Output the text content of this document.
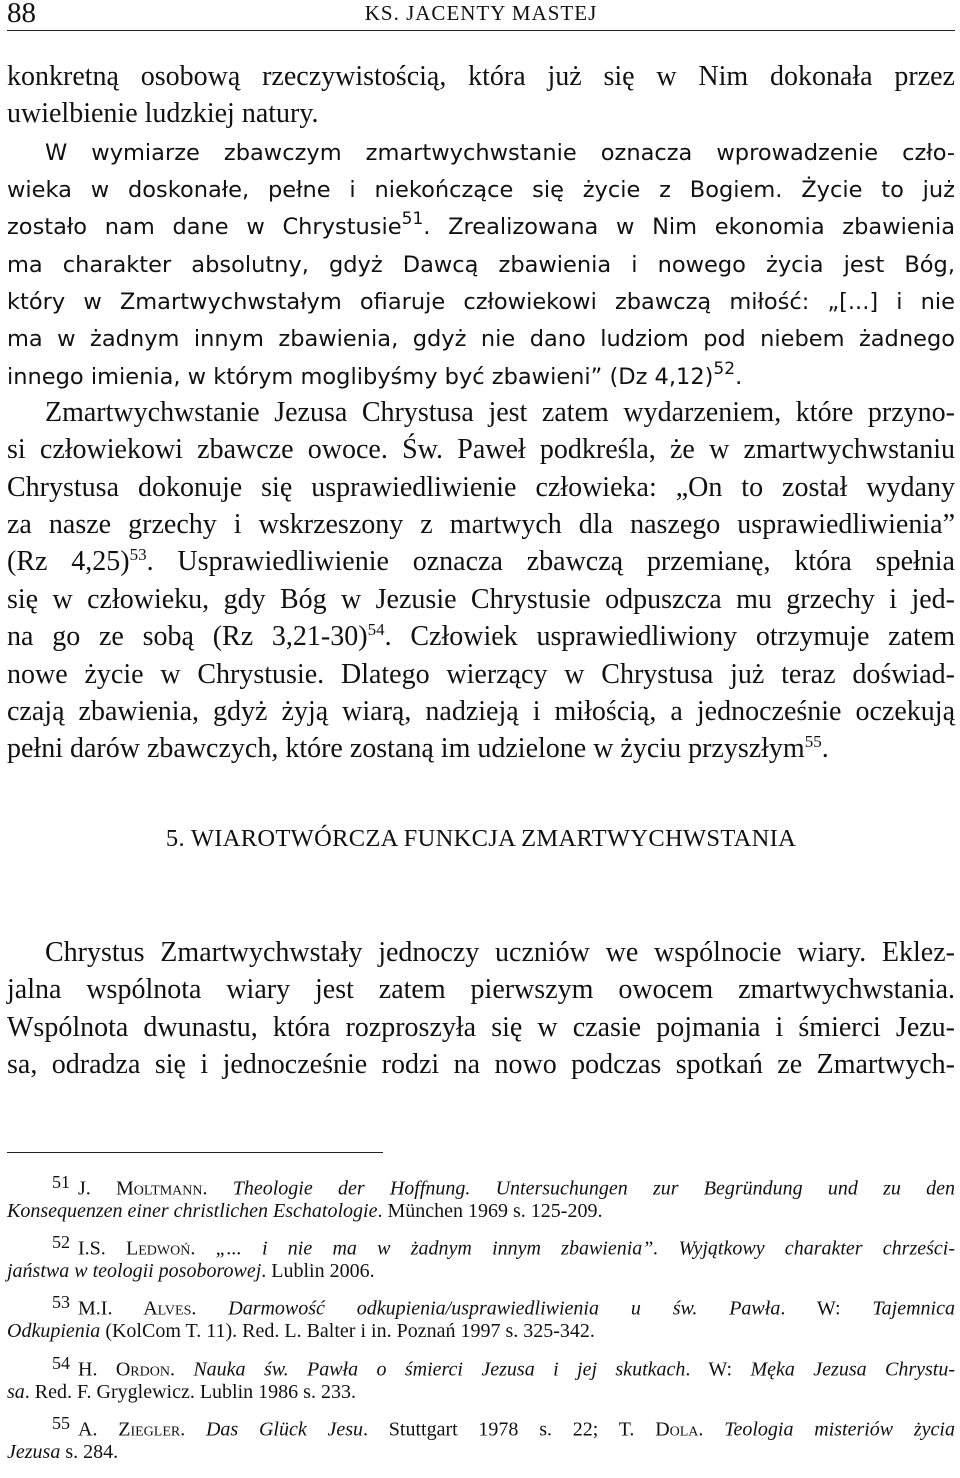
88	KS. JACENTY MASTEJ
konkretną osobową rzeczywistością, która już się w Nim dokonała przez
uwielbienie ludzkiej natury.
W wymiarze zbawczym zmartwychwstanie oznacza wprowadzenie czło-
wieka w doskonałe, pełne i niekończące się życie z Bogiem. Życie to już
zostało nam dane w Chrystusie$^{51}$. Zrealizowana w Nim ekonomia zbawienia
ma charakter absolutny, gdyż Dawcą zbawienia i nowego życia jest Bóg,
który w Zmartwychwstałym ofiaruje człowiekowi zbawczą miłość: „[...] i nie
ma w żadnym innym zbawienia, gdyż nie dano ludziom pod niebem żadnego
innego imienia, w którym moglibyśmy być zbawieni” (Dz 4,12)$^{52}$.
Zmartwychwstanie Jezusa Chrystusa jest zatem wydarzeniem, które przyno-
si człowiekowi zbawcze owoce. Św. Paweł podkreśla, że w zmartwychwstaniu
Chrystusa dokonuje się usprawiedliwienie człowieka: „On to został wydany
za nasze grzechy i wskrzeszony z martwych dla naszego usprawiedliwienia”
(Rz 4,25)$^{53}$. Usprawiedliwienie oznacza zbawczą przemianę, która spełnia
się w człowieku, gdy Bóg w Jezusie Chrystusie odpuszcza mu grzechy i jed-
na go ze sobą (Rz 3,21-30)$^{54}$. Człowiek usprawiedliwiony otrzymuje zatem
nowe życie w Chrystusie. Dlatego wierzący w Chrystusa już teraz doświad-
czają zbawienia, gdyż żyją wiarą, nadzieją i miłością, a jednocześnie oczekują
pełni darów zbawczych, które zostaną im udzielone w życiu przyszłym$^{55}$.
5. WIAROTWÓRCZA FUNKCJA ZMARTWYCHWSTANIA
Chrystus Zmartwychwstały jednoczy uczniów we wspólnocie wiary. Eklez-
jalna wspólnota wiary jest zatem pierwszym owocem zmartwychwstania.
Wspólnota dwunastu, która rozproszyła się w czasie pojmania i śmierci Jezu-
sa, odradza się i jednocześnie rodzi na nowo podczas spotkań ze Zmartwych-
51 J. Moltmann. Theologie der Hoffnung. Untersuchungen zur Begründung und zu den
Konsequenzen einer christlichen Eschatologie. München 1969 s. 125-209.
52 I.S. Ledwoń. „... i nie ma w żadnym innym zbawienia”. Wyjątkowy charakter chrześci-
jaństwa w teologii posoborowej. Lublin 2006.
53 M.I. Alves. Darmowość odkupienia/usprawiedliwienia u św. Pawła. W: Tajemnica
Odkupienia (KolCom T. 11). Red. L. Balter i in. Poznań 1997 s. 325-342.
54 H. Ordon. Nauka św. Pawła o śmierci Jezusa i jej skutkach. W: Męka Jezusa Chrystu-
sa. Red. F. Gryglewicz. Lublin 1986 s. 233.
55 A. Ziegler. Das Glück Jesu. Stuttgart 1978 s. 22; T. Dola. Teologia misteriów życia
Jezusa s. 284.
